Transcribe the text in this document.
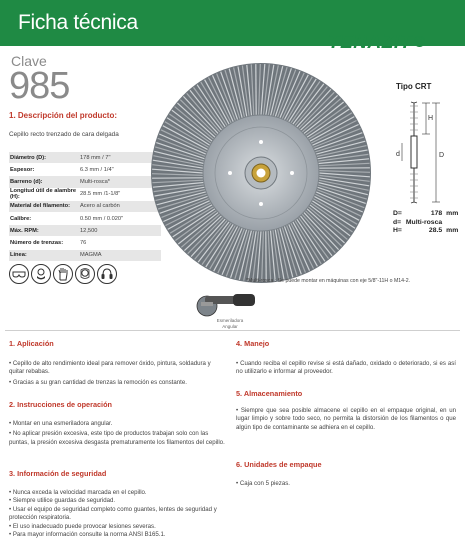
Ficha técnica
TENAZIT R
Clave
985
1. Descripción del producto:
Cepillo recto trenzado de cara delgada
Diámetro (D):	178 mm / 7"
Espesor:	6.3 mm / 1/4"
Barreno (d):	Multi-rosca*
Longitud útil de alambre (H):	28.5 mm /1-1/8"
Material del filamento:	Acero al carbón
Calibre:	0.50 mm / 0.020"
Máx. RPM:	12,500
Número de trenzas:	76
Línea:	MAGMA
Tipo CRT
H
d	D
D=	178	mm
d=	Multi-rosca	
H=	28.5	mm
*Multi-rosca : Se puede montar en máquinas con eje 5/8"-11H o M14-2.
Esmeriladora
Angular
1. Aplicación

• Cepillo de alto rendimiento ideal para remover óxido, pintura, soldadura y quitar rebabas.

• Gracias a su gran cantidad de trenzas la remoción es constante.

2. Instrucciones de operación

• Montar en una esmeriladora angular.

• No aplicar presión excesiva, este tipo de productos trabajan solo con las puntas, la presión excesiva desgasta prematuramente los filamentos del cepillo.

3. Información de seguridad

• Nunca exceda la velocidad marcada en el cepillo.

• Siempre utilice guardas de seguridad.

• Usar el equipo de seguridad completo como guantes, lentes de seguridad y protección respiratoria.

• El uso inadecuado puede provocar lesiones severas.

• Para mayor información consulte la norma ANSI B165.1.

4. Manejo

• Cuando reciba el cepillo revise si está dañado, oxidado o deteriorado, si es así no utilizarlo e informar al proveedor.

5. Almacenamiento

• Siempre que sea posible almacene el cepillo en el empaque original, en un lugar limpio y sobre todo seco, no permita la distorsión de los filamentos o que algún tipo de contaminante se adhiera en el cepillo.

6. Unidades de empaque

• Caja con 5 piezas.
